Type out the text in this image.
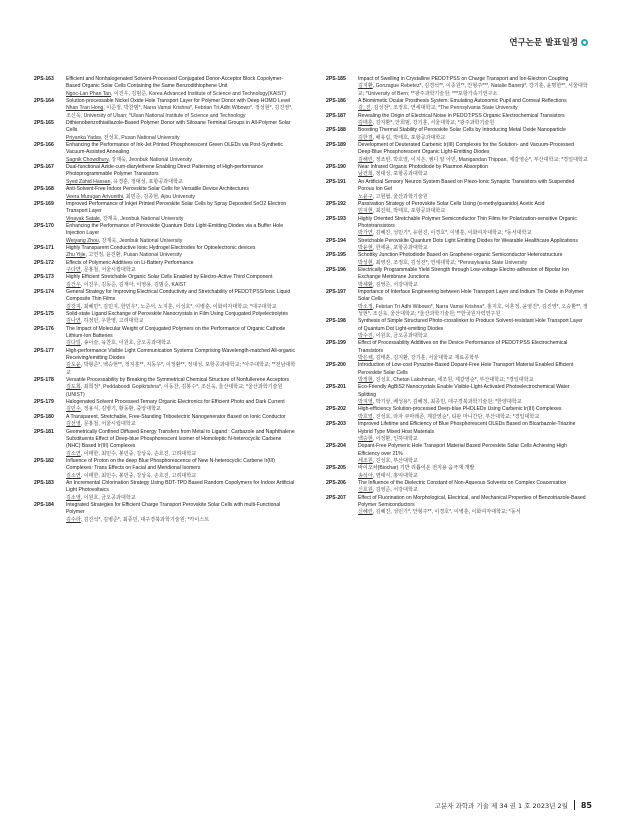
연구논문 발표일정
2PS-163 Efficient and Nonhalogenated Solvent-Processed Conjugated Donor-Acceptor Block Copolymer-Based Organic Solar Cells Containing the Same Benzodithiophene Unit
Ngoc-Lan Phan Tan, 이진우, 김범준, Korea Advanced Institute of Science and Technology(KAIST)
2PS-164 Solution-processable Nickel Oxide Hole Transport Layer for Polymer Donor with Deep HOMO Level
Nhan Tran Hong, 이준정, 박찬범*, Narra Vamsi Krishna*, Febrian Tri Adhi Wibowo*, 정성현*, 김진영*, 조신욱, University of Ulsan; *Ulsan National Institute of Science and Technology
2PS-165 Dithienobenzothiadiazole-Based Polymer Donor with Siloxane Terminal Groups in All-Polymer Solar Cells
Priyanka Yadav, 전성호, Pusan National University
2PS-166 Enhancing the Performance of Ink-Jet Printed Phosphorescent Green OLEDs via Post-Synthetic Vacuum-Assisted Annealing
Sagnik Chowdhury, 강재욱, Jeonbuk National University
2PS-167 Dual-functional Azide-cum-diarylethene Enabling Direct Patterning of High-performance Photoprogrammable Polymer Transistors
Syed Zahid Hassan, 유경훈, 정대성, 포항공과대학교
2PS-168 Anti-Solvent-Free Indoor Perovskite Solar Cells for Versatile Device Architectures
Veera Murugan Arivunithi, 최민준, 김종현, Ajou University
2PS-169 Improved Performance of Inkjet Printed Perovskite Solar Cells by Spray Deposited SnO2 Electron Transport Layer
Vinayak Satale, 강재욱, Jeonbuk National University
2PS-170 Enhancing the Performance of Perovskite Quantum Dots Light-Emitting Diodes via a Buffer Hole Injection Layer
Weiyang Zhou, 강재욱, Jeonbuk National University
2PS-171 Highly Transparent Conductive Ionic Hydrogel Electrodes for Optoelectronic devices
Zhu Yijie, 고연정, 윤진환, Pusan National University
2PS-172 Effects of Polymeric Additives on Li-Battery Performance
구다연, 문홍철, 서울시립대학교
2PS-173 Highly Efficient Stretchable Organic Solar Cells Enabled by Electro-Active Third Component
김건우, 이진우, 김동준, 김재아, 이영용, 김범준, KAIST
2PS-174 General Strategy for Improving Electrical Conductivity and Stretchability of PEDOT:PSS/Ionic Liquid Composite Thin Films
김강지, 최혜민*, 김민지, 한민우*, 노준서, 노지훈, 이성호*, 이병훈, 이화여자대학교; *대구대학교
2PS-175 Solid-state Ligand Exchange of Perovskite Nanocrystals in Film Using Conjugated Polyelectrolytes
김나연, 하정민, 우한영, 고려대학교
2PS-176 The Impact of Molecular Weight of Conjugated Polymers on the Performance of Organic Cathode Lithium-Ion Batteries
김다일, 송이슬, 육찬호, 이원호, 금오공과대학교
2PS-177 High-performance Visible Light Communication Systems Comprising Wavelength-matched All-organic Receiving/emitting Diodes
김도윤, 박형준*, 백승현**, 정지훈**, 지동우*, 이정환**, 정대성, 포항공과대학교; *아주대학교; **전남대학교
2PS-178 Versatile Processability by Breaking the Symmetrical Chemical Structure of Nonfullerene Acceptors
김도희, 최희정*, Peddaboodi Gopikrishna*, 이동찬, 김봉수*, 조신욱, 울산대학교; *울산과학기술원(UNIST)
2PS-179 Halogenated Solvent Processed Ternary Organic Electronics for Efficient Photo and Dark Current
김민수, 정용식, 김병기, 황동환, 중앙대학교
2PS-180 A Transparent, Stretchable, Free-Standing Triboelectric Nanogenerator Based on Ionic Conductor
김선영, 문홍철, 서울시립대학교
2PS-181 Geometrically Confined Diffused Energy Transfers from Metal to Ligand : Carbazole and Naphthalene Substituents Effect of Deep-blue Phosphorescent Isomer of Homoleptic N-heterocyclic Carbene (NHC) Based Ir(III) Complexes
김소연, 이태한, 최민수, 봉민중, 강상욱, 손호진, 고려대학교
2PS-182 Influence of Proton on the deep Blue Phosphorescence of New N-heterocyclic Carbene Ir(III) Complexes: Trans Effects on Facial and Meridional Isomers
김소연, 이태한, 최민수, 봉민중, 강상욱, 손호진, 고려대학교
2PS-183 An Incremental Chlorination Strategy Using BDT-TPD Based Random Copolymers for Indoor Artificial Light Photovoltaics
김소영, 이원호, 금오공과대학교
2PS-184 Integrated Strategies for Efficient Charge Transport Perovskite Solar Cells with multi-Functional Polymer
김수라, 김진석*, 김병준*, 최종민, 대구경북과학기술원; *카이스트
2PS-185 Impact of Swelling in Crystalline PEDOT:PSS on Charge Transport and Ion-Electron Coupling
김지환, Gonzague Rebetez*, 김경석**, 이종원**, 안형주***, Natalie Banerji*, 강기훈, 윤명한**, 서울대학교; *University of Bern; **광주과학기술원; ***포항가속기연구소
2PS-186 A Biomimetic Ocular Prosthesis System: Emulating Autonomic Pupil and Corneal Reflections
김_진, 김성전*, 조정호, 연세대학교; *The Pennsylvania State University
2PS-187 Revealing the Origin of Electrical Noise in PEDOT:PSS Organic Electrochemical Transistors
김태훈, 김지환*, 안희범, 강기훈, 서울대학교; *광주과학기술원
2PS-188 Boosting Thermal Stability of Perovskite Solar Cells by Introducing Metal Oxide Nanoparticle
김한결, 배유림, 박태호, 포항공과대학교
2PS-189 Development of Deuterated Carbenic Ir(III) Complexes for the Solution- and Vacuum-Processed Deep-Blue Phosphorescent Organic Light-Emitting Diodes
김해린, 정조빈, 박호열, 이지은, 엠디 알 아민, Manigandan Thippan, 제갈영순*, 부산대학교; *경일대학교
2PS-190 Near Infrared Organic Photodiode by Plasmon Absorption
남건희, 정대성, 포항공과대학교
2PS-191 An Artificial Sensory Neuron System Based on Piezo-Ionic Synaptic Transistors with Suspended Porous Ion Gel
노윤구, 고현협, 울산과학기술원
2PS-192 Passivation Strategy of Perovskite Solar Cells Using (α-methylguanido) Acetic Acid
민지현, 최진혁, 박태호, 포항공과대학교
2PS-193 Highly Oriented Stretchable Polymer Semiconductor Thin Films for Polarization-sensitive Organic Phototransistors
박가연, 김혜진, 성민기*, 유현진, 이경호*, 이병훈, 이화여자대학교; *동서대학교
2PS-194 Stretchable Perovskite Quantum Dots Light Emitting Diodes for Wearable Healthcare Applications
박윤현, 한세윤, 포항공과대학교
2PS-195 Schottky Junction Photodiode Based on Graphene-organic Semiconductor Heterostructure
박성현, 최영진, 조정호, 김성전*, 연세대학교; *Pennsylvania State University
2PS-196 Electrically Programmable Yield Strength through Low-voltage Electro-adhesion of Bipolar Ion Exchange Membrane Junctions
박세환, 김영준, 서강대학교
2PS-197 Importance of Interface Engineering between Hole Transport Layer and Indium Tin Oxide in Polymer Solar Cells
박소정, Febrian Tri Adhi Wibowo*, Narra Vamsi Krishna*, 홍지호, 이혼정, 윤영진*, 김진영*, 오승환**, 정성현*, 조신욱, 울산대학교; *울산과학기술원; **한국원자력연구원
2PS-198 Synthesis of Simple Structured Photo-crosslinker to Produce Solvent-resistant Hole Transport Layer of Quantum Dot Light-emitting Diodes
박수진, 이원호, 금오공과대학교
2PS-199 Effect of Processability Additives on the Device Performance of PEDOT:PSS Electrochemical Transistors
박은채, 김태훈, 김지환, 강기훈, 서울대학교 재료공학부
2PS-200 Introduction of Low-cost Pyrazine-Based Dopant-Free Hole Transport Material Enabled Efficient Perovskite Solar Cells
박정현, 진성호, Chetan Lakshman, 세조원, 제갈영순*, 부산대학교; *경일대학교
2PS-201 Eco-Friendly AgBiS2 Nanocrystals Enable Visible-Light-Activated Photoelectrochemical Water Splitting
박지영, 박기상, 배성용*, 김혜정, 최종민, 대구경북과학기술원; *한양대학교
2PS-202 High-efficiency Solution-processed Deep-blue PHOLEDs Using Carbenic Ir(III) Complexes
박호열, 진성호, 라자 쿠마레존, 제갈영순*, 티판 마니간단, 부산대학교; *경일대학교
2PS-203 Improved Lifetime and Efficiency of Blue Phosphorescent OLEDs Based on Bicarbazole-Triazine Hybrid Type Mixed Host Materials
백승현, 이정환, 인하대학교
2PS-204 Dopant-Free Polymeric Hole Transport Material Based Perovskite Solar Cells Achieving High Efficiency over 21%
세조원, 진성호, 부산대학교
2PS-205 바이오차(Biochar) 기반 리튬이온 전지용 음극재 개발
송석아, 염태식, 홍익대학교
2PS-206 The Influence of the Dielectric Constant of Non-Aqueous Solvents on Complex Coacervation
신호원, 김영준, 서강대학교
2PS-207 Effect of Fluorination on Morphological, Electrical, and Mechanical Properties of Benzotriazole-Based Polymer Semiconductors
신혜린, 김혜진, 성민기*, 안형주**, 이경호*, 이병훈, 이화여자대학교; *동서
고분자 과학과 기술 제 34 권 1 호 2023년 2월 85
